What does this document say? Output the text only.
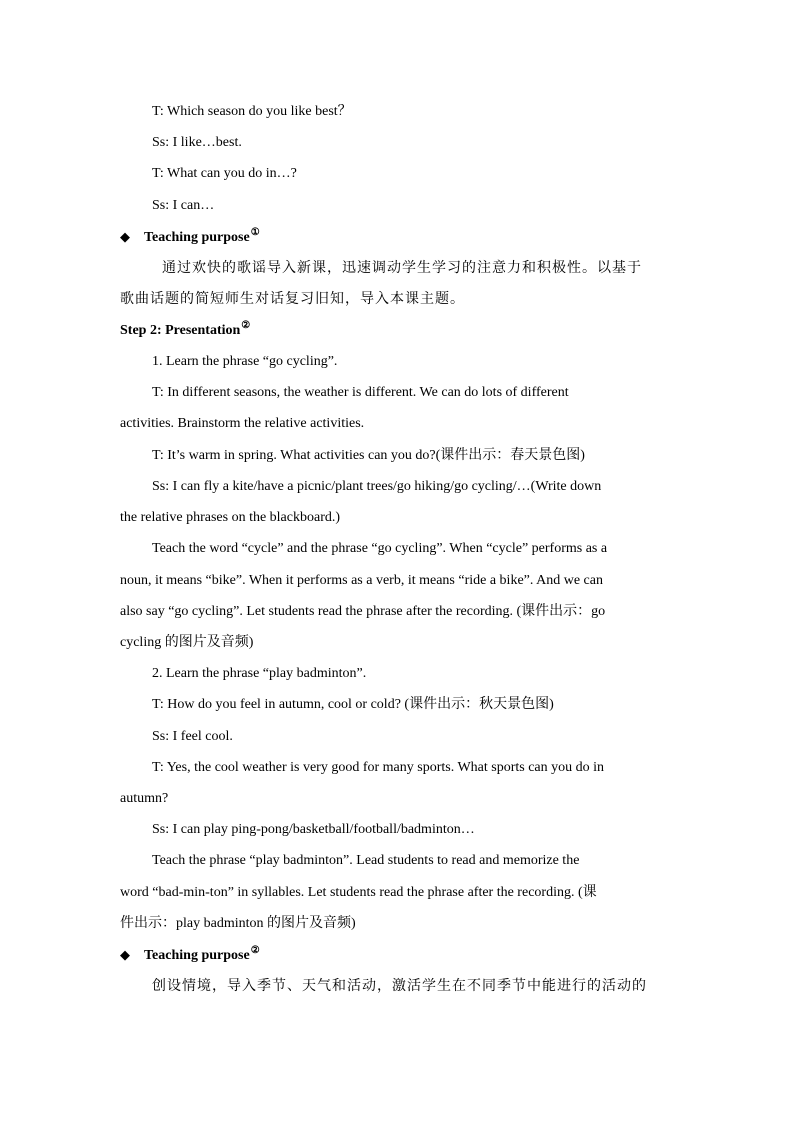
T: Which season do you like best？
Ss: I like…best.
T: What can you do in…?
Ss: I can…
◆ Teaching purpose①
通过欢快的歌谣导入新课，迅速调动学生学习的注意力和积极性。以基于
歌曲话题的简短师生对话复习旧知，导入本课主题。
Step 2: Presentation②
1. Learn the phrase “go cycling”.
T: In different seasons, the weather is different. We can do lots of different
activities. Brainstorm the relative activities.
T: It’s warm in spring. What activities can you do?(课件出示：春天景色图)
Ss: I can fly a kite/have a picnic/plant trees/go hiking/go cycling/…(Write down
the relative phrases on the blackboard.)
Teach the word “cycle” and the phrase “go cycling”. When “cycle” performs as a
noun, it means “bike”. When it performs as a verb, it means “ride a bike”. And we can
also say “go cycling”. Let students read the phrase after the recording. (课件出示：go
cycling 的图片及音频)
2. Learn the phrase “play badminton”.
T: How do you feel in autumn, cool or cold? (课件出示：秋天景色图)
Ss: I feel cool.
T: Yes, the cool weather is very good for many sports. What sports can you do in
autumn?
Ss: I can play ping-pong/basketball/football/badminton…
Teach the phrase “play badminton”. Lead students to read and memorize the
word “bad-min-ton” in syllables. Let students read the phrase after the recording. (课
件出示：play badminton 的图片及音频)
◆ Teaching purpose②
创设情境，导入季节、天气和活动，激活学生在不同季节中能进行的活动的
